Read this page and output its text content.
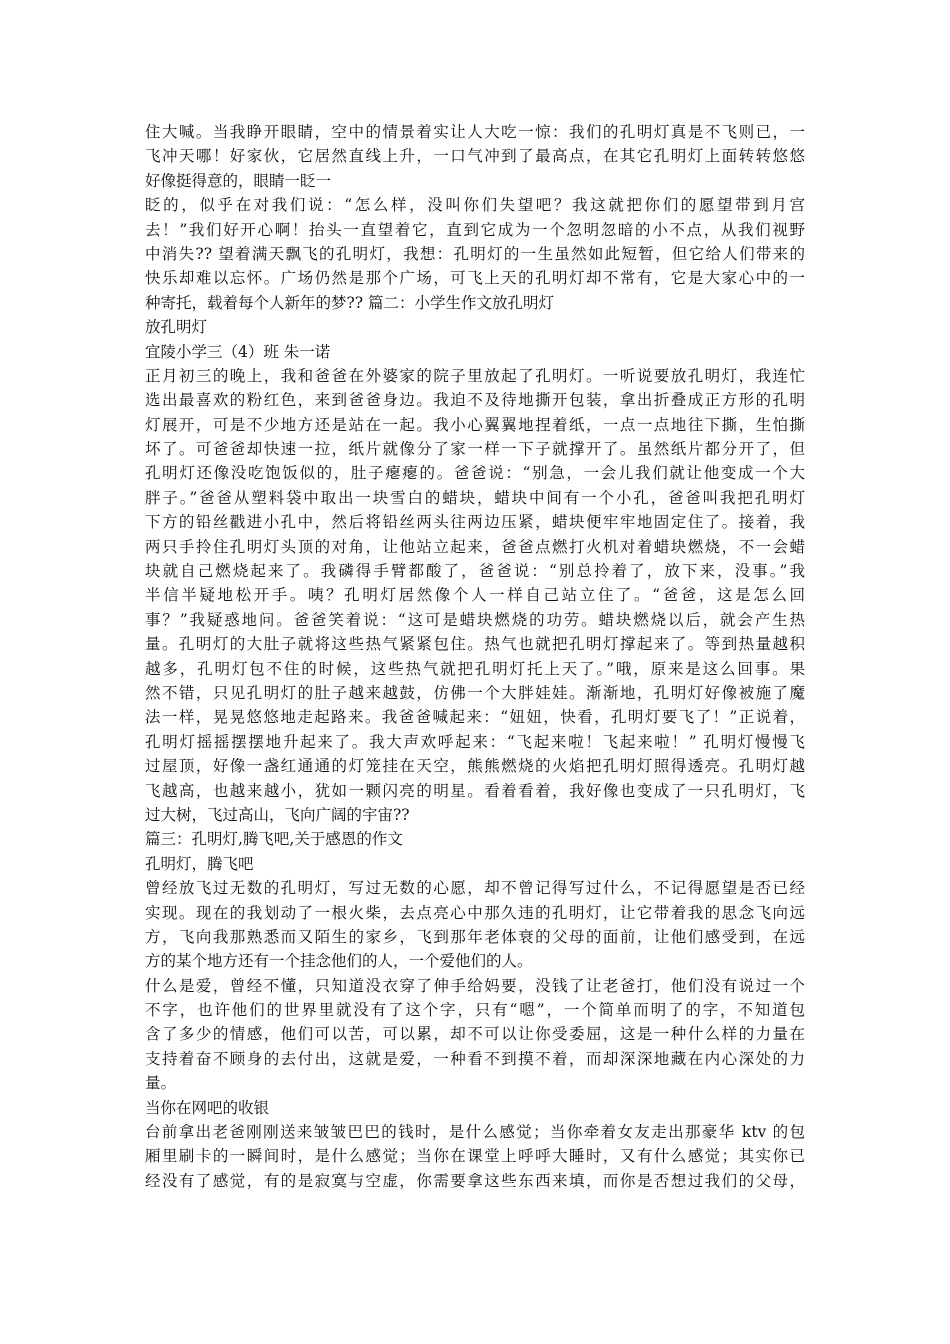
住大喊。当我睁开眼睛，空中的情景着实让人大吃一惊：我们的孔明灯真是不飞则已，一
飞冲天哪！好家伙，它居然直线上升，一口气冲到了最高点，在其它孔明灯上面转转悠悠
好像挺得意的，眼睛一眨一
眨的，似乎在对我们说：“怎么样，没叫你们失望吧？我这就把你们的愿望带到月宫
去！”我们好开心啊！抬头一直望着它，直到它成为一个忽明忽暗的小不点，从我们视野
中消失?? 望着满天飘飞的孔明灯，我想：孔明灯的一生虽然如此短暂，但它给人们带来的
快乐却难以忘怀。广场仍然是那个广场，可飞上天的孔明灯却不常有，它是大家心中的一
种寄托，载着每个人新年的梦?? 篇二：小学生作文放孔明灯
放孔明灯
宜陵小学三（4）班 朱一诺
正月初三的晚上，我和爸爸在外婆家的院子里放起了孔明灯。一听说要放孔明灯，我连忙
选出最喜欢的粉红色，来到爸爸身边。我迫不及待地撕开包装，拿出折叠成正方形的孔明
灯展开，可是不少地方还是站在一起。我小心翼翼地捏着纸，一点一点地往下撕，生怕撕
坏了。可爸爸却快速一拉，纸片就像分了家一样一下子就撑开了。虽然纸片都分开了，但
孔明灯还像没吃饱饭似的，肚子瘪瘪的。爸爸说：“别急，一会儿我们就让他变成一个大
胖子。”爸爸从塑料袋中取出一块雪白的蜡块，蜡块中间有一个小孔，爸爸叫我把孔明灯
下方的铅丝戳进小孔中，然后将铅丝两头往两边压紧，蜡块便牢牢地固定住了。接着，我
两只手拎住孔明灯头顶的对角，让他站立起来，爸爸点燃打火机对着蜡块燃烧，不一会蜡
块就自己燃烧起来了。我磷得手臂都酸了，爸爸说：“别总拎着了，放下来，没事。”我
半信半疑地松开手。咦？孔明灯居然像个人一样自己站立住了。“爸爸，这是怎么回
事？”我疑惑地问。爸爸笑着说：“这可是蜡块燃烧的功劳。蜡块燃烧以后，就会产生热
量。孔明灯的大肚子就将这些热气紧紧包住。热气也就把孔明灯撑起来了。等到热量越积
越多，孔明灯包不住的时候，这些热气就把孔明灯托上天了。”哦，原来是这么回事。果
然不错，只见孔明灯的肚子越来越鼓，仿佛一个大胖娃娃。渐渐地，孔明灯好像被施了魔
法一样，晃晃悠悠地走起路来。我爸爸喊起来：“妞妞，快看，孔明灯要飞了！”正说着，
孔明灯摇摇摆摆地升起来了。我大声欢呼起来：“飞起来啦！飞起来啦！” 孔明灯慢慢飞
过屋顶，好像一盏红通通的灯笼挂在天空，熊熊燃烧的火焰把孔明灯照得透亮。孔明灯越
飞越高，也越来越小，犹如一颗闪亮的明星。看着看着，我好像也变成了一只孔明灯，飞
过大树，飞过高山，飞向广阔的宇宙??
篇三：孔明灯,腾飞吧,关于感恩的作文
孔明灯，腾飞吧
曾经放飞过无数的孔明灯，写过无数的心愿，却不曾记得写过什么，不记得愿望是否已经
实现。现在的我划动了一根火柴，去点亮心中那久违的孔明灯，让它带着我的思念飞向远
方，飞向我那熟悉而又陌生的家乡，飞到那年老体衰的父母的面前，让他们感受到，在远
方的某个地方还有一个挂念他们的人，一个爱他们的人。
什么是爱，曾经不懂，只知道没衣穿了伸手给妈要，没钱了让老爸打，他们没有说过一个
不字，也许他们的世界里就没有了这个字，只有“嗯”，一个简单而明了的字，不知道包
含了多少的情感，他们可以苦，可以累，却不可以让你受委屈，这是一种什么样的力量在
支持着奋不顾身的去付出，这就是爱，一种看不到摸不着，而却深深地藏在内心深处的力
量。
当你在网吧的收银
台前拿出老爸刚刚送来皱皱巴巴的钱时，是什么感觉；当你牵着女友走出那豪华 ktv 的包
厢里刷卡的一瞬间时，是什么感觉；当你在课堂上呼呼大睡时，又有什么感觉；其实你已
经没有了感觉，有的是寂寞与空虚，你需要拿这些东西来填，而你是否想过我们的父母，
